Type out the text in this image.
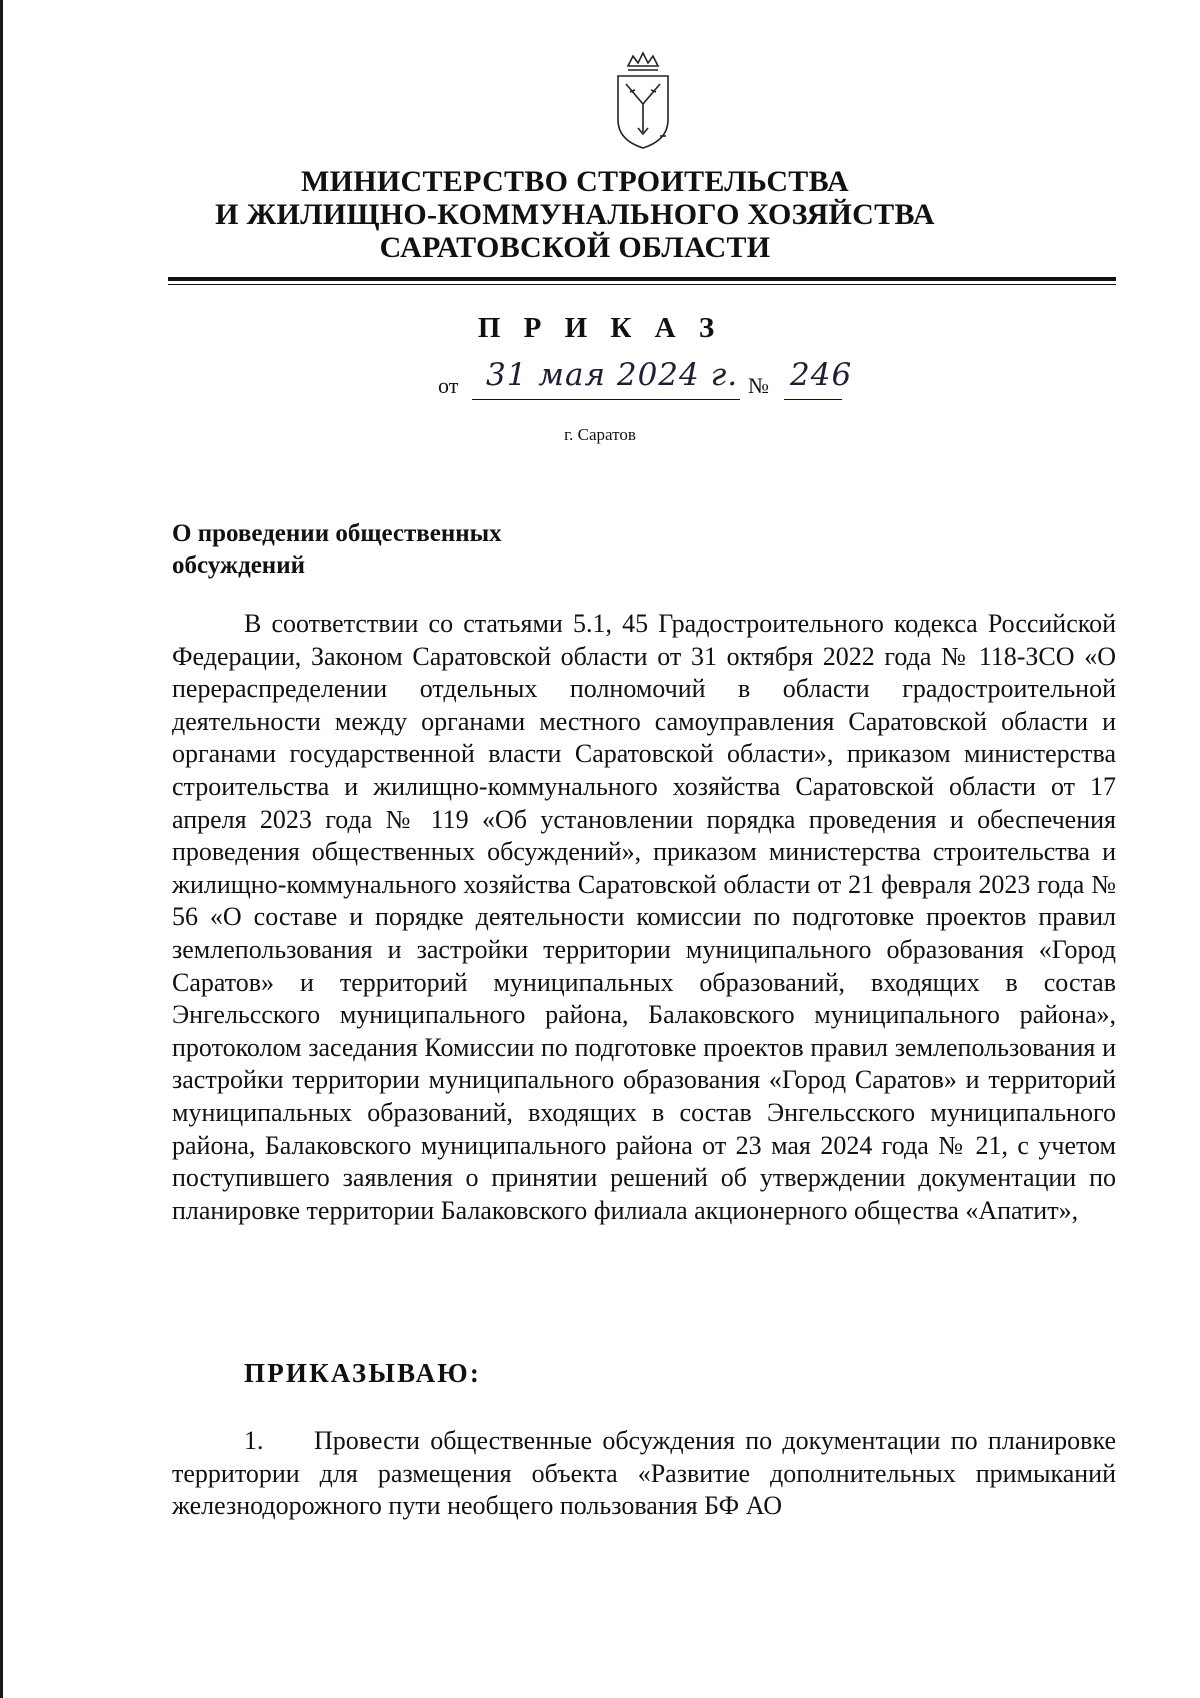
МИНИСТЕРСТВО СТРОИТЕЛЬСТВА
И ЖИЛИЩНО-КОММУНАЛЬНОГО ХОЗЯЙСТВА
САРАТОВСКОЙ ОБЛАСТИ
П Р И К А З
от 31 мая 2024 г. № 246
г. Саратов
О проведении общественных
обсуждений

В соответствии со статьями 5.1, 45 Градостроительного кодекса Российской Федерации, Законом Саратовской области от 31 октября 2022 года № 118-ЗСО «О перераспределении отдельных полномочий в области градостроительной деятельности между органами местного самоуправления Саратовской области и органами государственной власти Саратовской области», приказом министерства строительства и жилищно-коммунального хозяйства Саратовской области от 17 апреля 2023 года № 119 «Об установлении порядка проведения и обеспечения проведения общественных обсуждений», приказом министерства строительства и жилищно-коммунального хозяйства Саратовской области от 21 февраля 2023 года № 56 «О составе и порядке деятельности комиссии по подготовке проектов правил землепользования и застройки территории муниципального образования «Город Саратов» и территорий муниципальных образований, входящих в состав Энгельсского муниципального района, Балаковского муниципального района», протоколом заседания Комиссии по подготовке проектов правил землепользования и застройки территории муниципального образования «Город Саратов» и территорий муниципальных образований, входящих в состав Энгельсского муниципального района, Балаковского муниципального района от 23 мая 2024 года № 21, с учетом поступившего заявления о принятии решений об утверждении документации по планировке территории Балаковского филиала акционерного общества «Апатит»,

ПРИКАЗЫВАЮ:

1. Провести общественные обсуждения по документации по планировке территории для размещения объекта «Развитие дополнительных примыканий железнодорожного пути необщего пользования БФ АО
